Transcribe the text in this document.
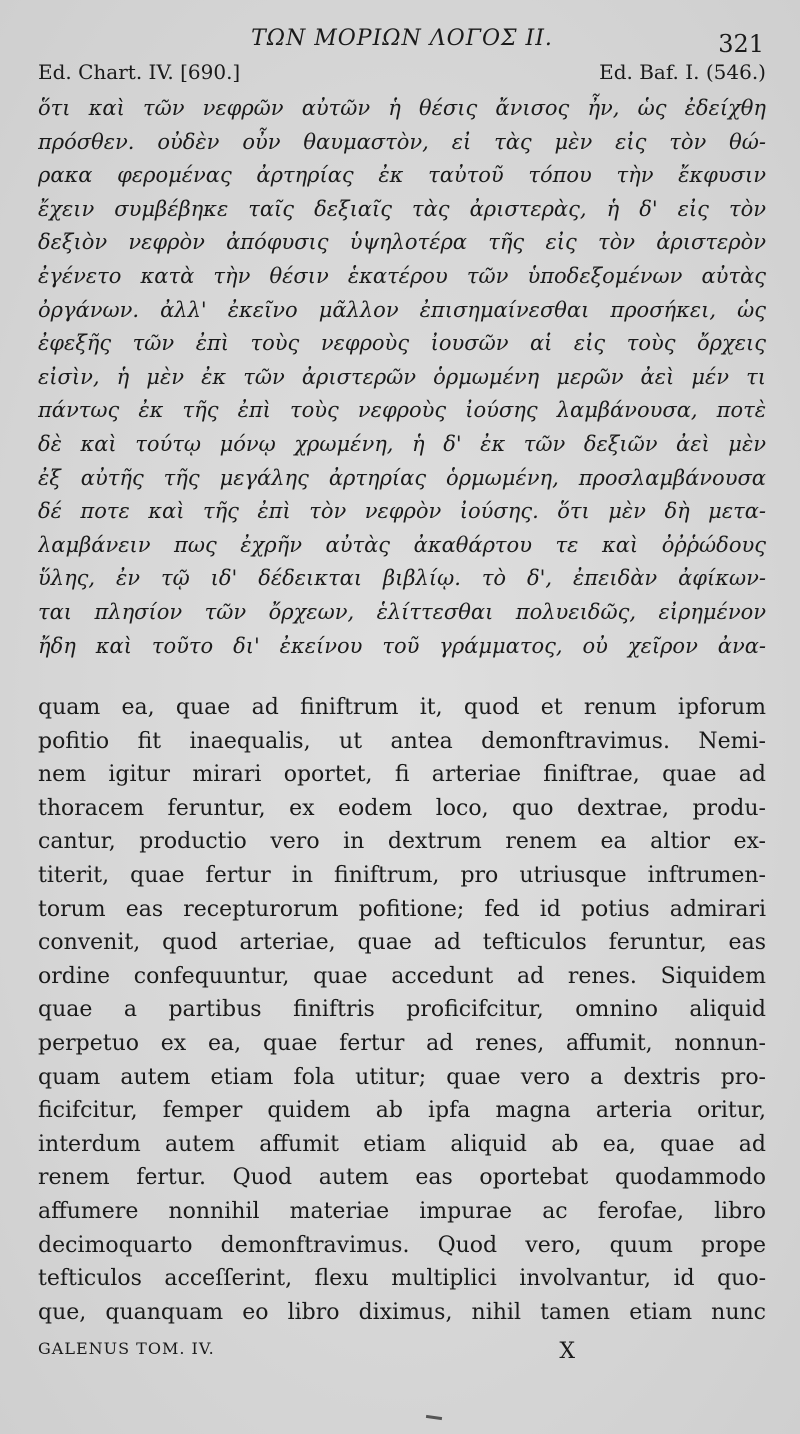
ΤΩΝ ΜΟΡΙΩΝ ΛΟΓΟΣ ΙΙ.	321
Ed. Chart. IV. [690.]	Ed. Baf. I. (546.)
ὅτι καὶ τῶν νεφρῶν αὐτῶν ἡ θέσις ἄνισος ἦν, ὡς ἐδείχθη
πρόσθεν. οὐδὲν οὖν θαυμαστὸν, εἰ τὰς μὲν εἰς τὸν θώ-
ρακα φερομένας ἀρτηρίας ἐκ ταὐτοῦ τόπου τὴν ἔκφυσιν
ἔχειν συμβέβηκε ταῖς δεξιαῖς τὰς ἀριστερὰς, ἡ δ' εἰς τὸν
δεξιὸν νεφρὸν ἀπόφυσις ὑψηλοτέρα τῆς εἰς τὸν ἀριστερὸν
ἐγένετο κατὰ τὴν θέσιν ἑκατέρου τῶν ὑποδεξομένων αὐτὰς
ὀργάνων. ἀλλ' ἐκεῖνο μᾶλλον ἐπισημαίνεσθαι προσήκει, ὡς
ἐφεξῆς τῶν ἐπὶ τοὺς νεφροὺς ἰουσῶν αἱ εἰς τοὺς ὄρχεις
εἰσὶν, ἡ μὲν ἐκ τῶν ἀριστερῶν ὁρμωμένη μερῶν ἀεὶ μέν τι
πάντως ἐκ τῆς ἐπὶ τοὺς νεφροὺς ἰούσης λαμβάνουσα, ποτὲ
δὲ καὶ τούτῳ μόνῳ χρωμένη, ἡ δ' ἐκ τῶν δεξιῶν ἀεὶ μὲν
ἐξ αὐτῆς τῆς μεγάλης ἀρτηρίας ὁρμωμένη, προσλαμβάνουσα
δέ ποτε καὶ τῆς ἐπὶ τὸν νεφρὸν ἰούσης. ὅτι μὲν δὴ μετα-
λαμβάνειν πως ἐχρῆν αὐτὰς ἀκαθάρτου τε καὶ ὀῤῥώδους
ὕλης, ἐν τῷ ιδ' δέδεικται βιβλίῳ. τὸ δ', ἐπειδὰν ἀφίκων-
ται πλησίον τῶν ὄρχεων, ἑλίττεσθαι πολυειδῶς, εἰρημένον
ἤδη καὶ τοῦτο δι' ἐκείνου τοῦ γράμματος, οὐ χεῖρον ἀνα-
quam ea, quae ad finiftrum it, quod et renum ipforum
pofitio fit inaequalis, ut antea demonftravimus. Nemi-
nem igitur mirari oportet, fi arteriae finiftrae, quae ad
thoracem feruntur, ex eodem loco, quo dextrae, produ-
cantur, productio vero in dextrum renem ea altior ex-
titerit, quae fertur in finiftrum, pro utriusque inftrumen-
torum eas recepturorum pofitione; fed id potius admirari
convenit, quod arteriae, quae ad tefticulos feruntur, eas
ordine confequuntur, quae accedunt ad renes. Siquidem
quae a partibus finiftris proficifcitur, omnino aliquid
perpetuo ex ea, quae fertur ad renes, affumit, nonnun-
quam autem etiam fola utitur; quae vero a dextris pro-
ficifcitur, femper quidem ab ipfa magna arteria oritur,
interdum autem affumit etiam aliquid ab ea, quae ad
renem fertur. Quod autem eas oportebat quodammodo
affumere nonnihil materiae impurae ac ferofae, libro
decimoquarto demonftravimus. Quod vero, quum prope
tefticulos acceſſerint, flexu multiplici involvantur, id quo-
que, quanquam eo libro diximus, nihil tamen etiam nunc
GALENUS TOM. IV.	X
